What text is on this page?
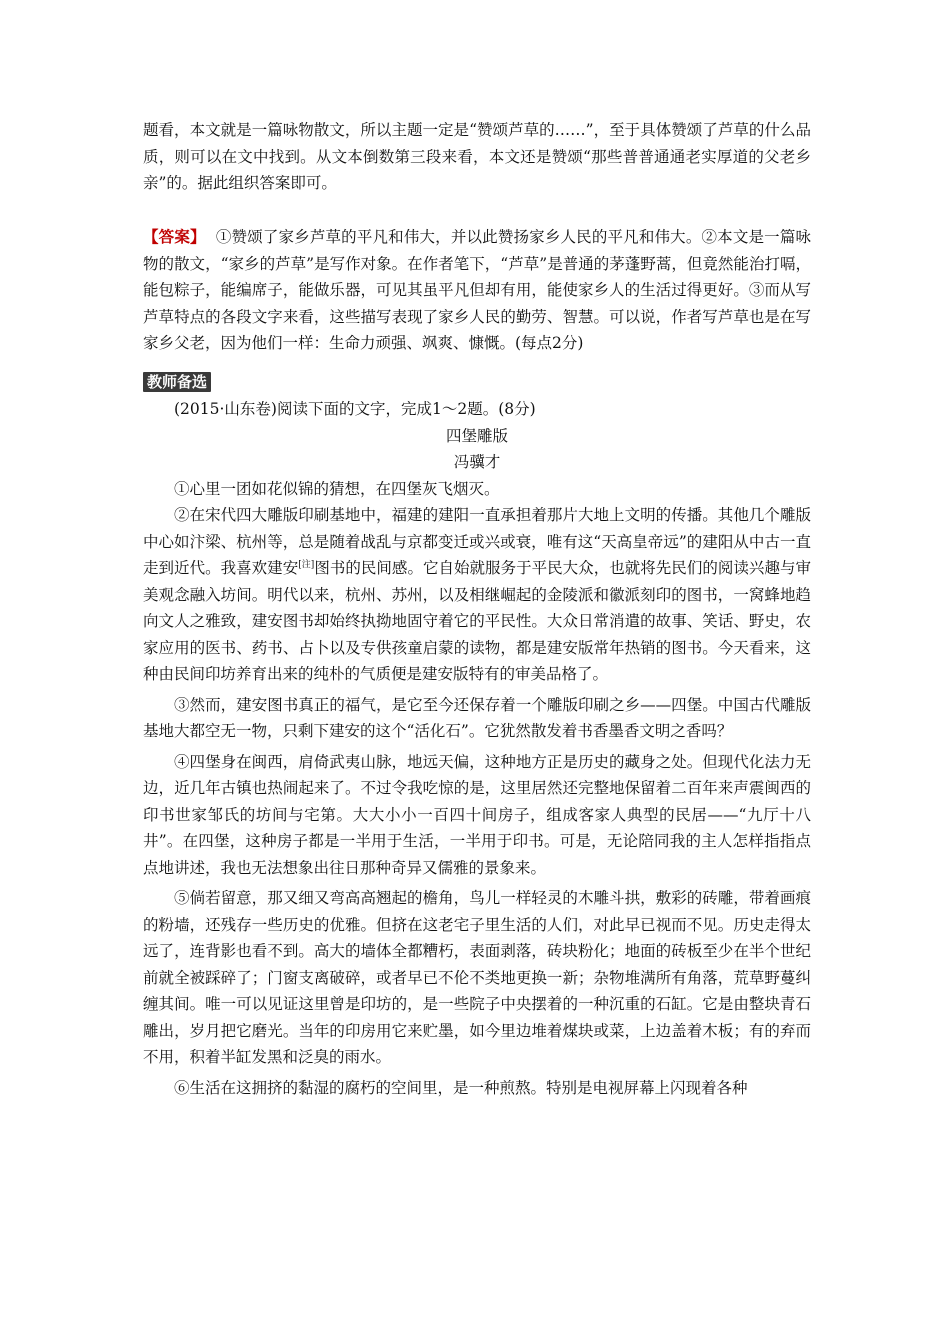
题看，本文就是一篇咏物散文，所以主题一定是“赞颂芦草的……”，至于具体赞颂了芦草的什么品质，则可以在文中找到。从文本倒数第三段来看，本文还是赞颂“那些普普通通老实厚道的父老乡亲”的。据此组织答案即可。

【答案】 ①赞颂了家乡芦草的平凡和伟大，并以此赞扬家乡人民的平凡和伟大。②本文是一篇咏物的散文，“家乡的芦草”是写作对象。在作者笔下，“芦草”是普通的茅蓬野蒿，但竟然能治打嗝，能包粽子，能编席子，能做乐器，可见其虽平凡但却有用，能使家乡人的生活过得更好。③而从写芦草特点的各段文字来看，这些描写表现了家乡人民的勤劳、智慧。可以说，作者写芦草也是在写家乡父老，因为他们一样：生命力顽强、飒爽、慷慨。(每点2分)

教师备选

(2015·山东卷)阅读下面的文字，完成1～2题。(8分)

四堡雕版

冯骥才

①心里一团如花似锦的猜想，在四堡灰飞烟灭。

②在宋代四大雕版印刷基地中，福建的建阳一直承担着那片大地上文明的传播。其他几个雕版中心如汴梁、杭州等，总是随着战乱与京都变迁或兴或衰，唯有这“天高皇帝远”的建阳从中古一直走到近代。我喜欢建安[注]图书的民间感。它自始就服务于平民大众，也就将先民们的阅读兴趣与审美观念融入坊间。明代以来，杭州、苏州，以及相继崛起的金陵派和徽派刻印的图书，一窝蜂地趋向文人之雅致，建安图书却始终执拗地固守着它的平民性。大众日常消遣的故事、笑话、野史，农家应用的医书、药书、占卜以及专供孩童启蒙的读物，都是建安版常年热销的图书。今天看来，这种由民间印坊养育出来的纯朴的气质便是建安版特有的审美品格了。

③然而，建安图书真正的福气，是它至今还保存着一个雕版印刷之乡——四堡。中国古代雕版基地大都空无一物，只剩下建安的这个“活化石”。它犹然散发着书香墨香文明之香吗？

④四堡身在闽西，肩倚武夷山脉，地远天偏，这种地方正是历史的藏身之处。但现代化法力无边，近几年古镇也热闹起来了。不过令我吃惊的是，这里居然还完整地保留着二百年来声震闽西的印书世家邹氏的坊间与宅第。大大小小一百四十间房子，组成客家人典型的民居——“九厅十八井”。在四堡，这种房子都是一半用于生活，一半用于印书。可是，无论陪同我的主人怎样指指点点地讲述，我也无法想象出往日那种奇异又儒雅的景象来。

⑤倘若留意，那又细又弯高高翘起的檐角，鸟儿一样轻灵的木雕斗拱，敷彩的砖雕，带着画痕的粉墙，还残存一些历史的优雅。但挤在这老宅子里生活的人们，对此早已视而不见。历史走得太远了，连背影也看不到。高大的墙体全都糟朽，表面剥落，砖块粉化；地面的砖板至少在半个世纪前就全被踩碎了；门窗支离破碎，或者早已不伦不类地更换一新；杂物堆满所有角落，荒草野蔓纠缠其间。唯一可以见证这里曾是印坊的，是一些院子中央摆着的一种沉重的石缸。它是由整块青石雕出，岁月把它磨光。当年的印房用它来贮墨，如今里边堆着煤块或菜，上边盖着木板；有的弃而不用，积着半缸发黑和泛臭的雨水。

⑥生活在这拥挤的黏湿的腐朽的空间里，是一种煎熬。特别是电视屏幕上闪现着各种
